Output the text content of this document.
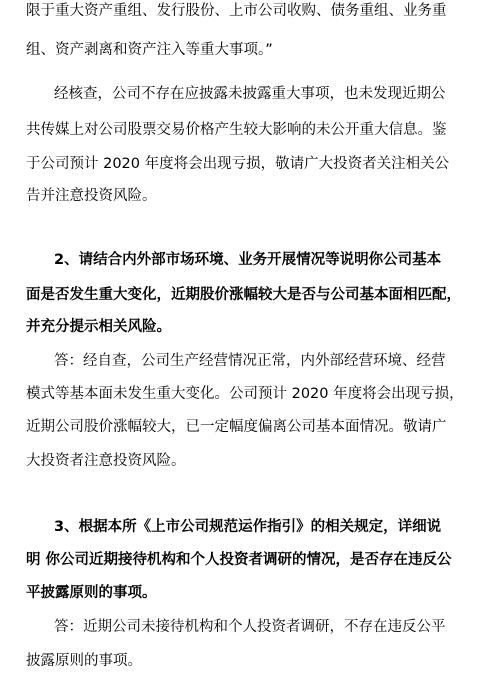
限于重大资产重组、发行股份、上市公司收购、债务重组、业务重
组、资产剥离和资产注入等重大事项。”
经核查，公司不存在应披露未披露重大事项，也未发现近期公
共传媒上对公司股票交易价格产生较大影响的未公开重大信息。鉴
于公司预计 2020 年度将会出现亏损，敬请广大投资者关注相关公
告并注意投资风险。
2、请结合内外部市场环境、业务开展情况等说明你公司基本
面是否发生重大变化，近期股价涨幅较大是否与公司基本面相匹配，
并充分提示相关风险。
答：经自查，公司生产经营情况正常，内外部经营环境、经营
模式等基本面未发生重大变化。公司预计 2020 年度将会出现亏损，
近期公司股价涨幅较大，已一定幅度偏离公司基本面情况。敬请广
大投资者注意投资风险。
3、根据本所《上市公司规范运作指引》的相关规定，详细说
明 你公司近期接待机构和个人投资者调研的情况，是否存在违反公
平披露原则的事项。
答：近期公司未接待机构和个人投资者调研，不存在违反公平
披露原则的事项。
